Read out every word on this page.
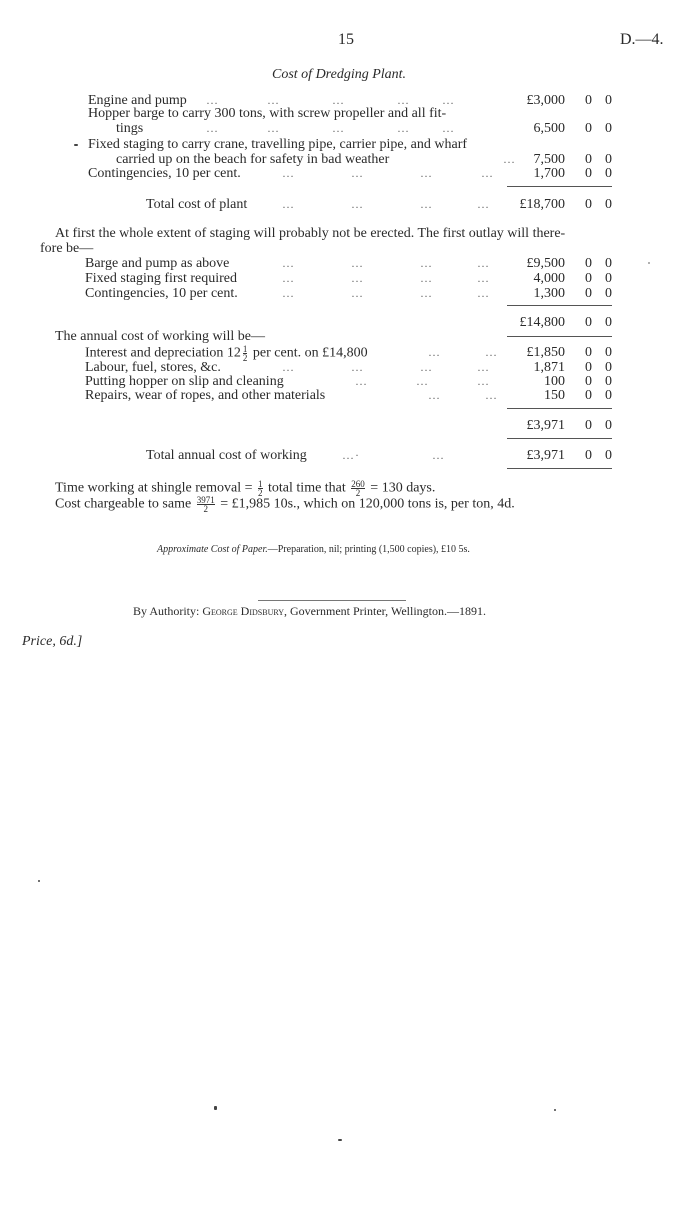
15	D.—4.
Cost of Dredging Plant.
Engine and pump …            …             …             …        …	£3,000 0 0
Hopper barge to carry 300 tons, with screw propeller and all fit-
tings	…            …             …             …        …	6,500 0 0
Fixed staging to carry crane, travelling pipe, carrier pipe, and wharf
carried up on the beach for safety in bad weather	… 7,500 0 0
Contingencies, 10 per cent.	…              …              …            …	1,700 0 0
Total cost of plant	…              …              …           … £18,700 0 0
At first the whole extent of staging will probably not be erected. The first outlay will there-
fore be—
Barge and pump as above	…              …              …           …	£9,500 0 0
Fixed staging first required	…              …              …           …	4,000 0 0
Contingencies, 10 per cent.	…              …              …           …	1,300 0 0
£14,800 0 0
The annual cost of working will be—
Interest and depreciation $12 \frac{1}{2}$ per cent. on £14,800	…           … £1,850 0 0
Labour, fuel, stores, &c.	…              …              …           …	1,871 0 0
Putting hopper on slip and cleaning	…            …            …	100 0 0
Repairs, wear of ropes, and other materials	…           …	150 0 0
£3,971 0 0
Total annual cost of working	…·                  …	£3,971 0 0
Time working at shingle removal = $\frac{1}{2}$ total time that $\frac{260}{2} = 130$ days.
Cost chargeable to same $\frac{3971}{2}$ = £1,985 10s., which on 120,000 tons is, per ton, 4d.
Approximate Cost of Paper.—Preparation, nil; printing (1,500 copies), £10 5s.
By Authority: George Didsbury, Government Printer, Wellington.—1891.
Price, 6d.]
